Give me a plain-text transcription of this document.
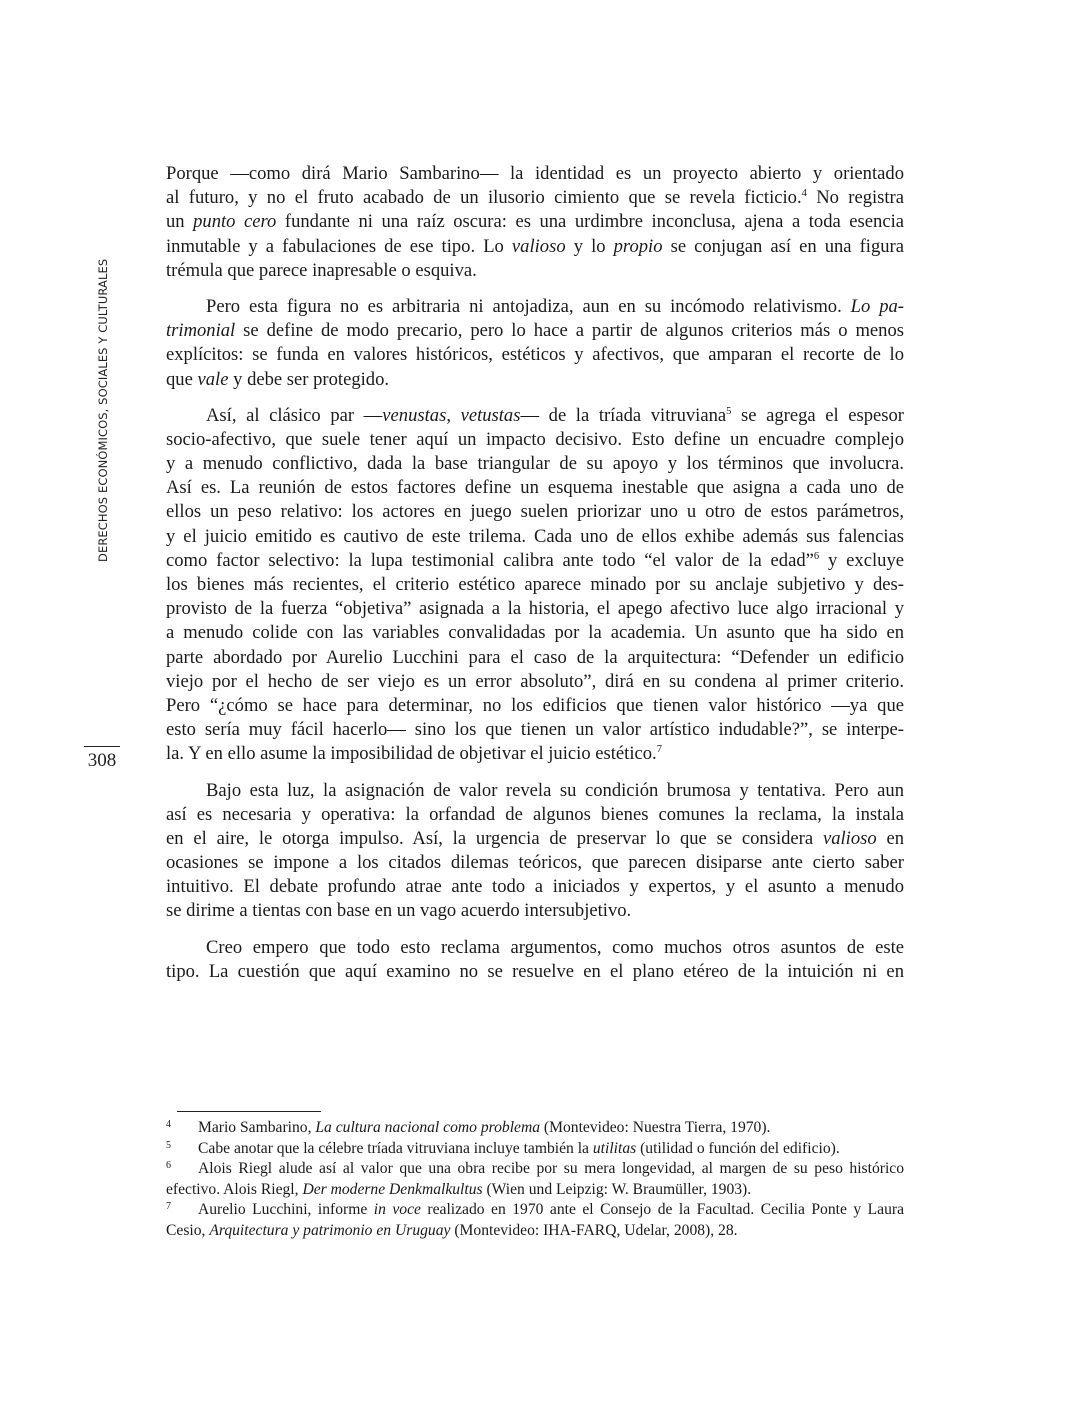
DERECHOS ECONÓMICOS, SOCIALES Y CULTURALES
308
Porque —como dirá Mario Sambarino— la identidad es un proyecto abierto y orientado
al futuro, y no el fruto acabado de un ilusorio cimiento que se revela ficticio.$^4$ No registra
un punto cero fundante ni una raíz oscura: es una urdimbre inconclusa, ajena a toda esencia
inmutable y a fabulaciones de ese tipo. Lo valioso y lo propio se conjugan así en una figura
trémula que parece inapresable o esquiva.
Pero esta figura no es arbitraria ni antojadiza, aun en su incómodo relativismo. Lo pa-
trimonial se define de modo precario, pero lo hace a partir de algunos criterios más o menos
explícitos: se funda en valores históricos, estéticos y afectivos, que amparan el recorte de lo
que vale y debe ser protegido.
Así, al clásico par —venustas, vetustas— de la tríada vitruviana$^5$ se agrega el espesor
socio-afectivo, que suele tener aquí un impacto decisivo. Esto define un encuadre complejo
y a menudo conflictivo, dada la base triangular de su apoyo y los términos que involucra.
Así es. La reunión de estos factores define un esquema inestable que asigna a cada uno de
ellos un peso relativo: los actores en juego suelen priorizar uno u otro de estos parámetros,
y el juicio emitido es cautivo de este trilema. Cada uno de ellos exhibe además sus falencias
como factor selectivo: la lupa testimonial calibra ante todo “el valor de la edad”$^6$ y excluye
los bienes más recientes, el criterio estético aparece minado por su anclaje subjetivo y des-
provisto de la fuerza “objetiva” asignada a la historia, el apego afectivo luce algo irracional y
a menudo colide con las variables convalidadas por la academia. Un asunto que ha sido en
parte abordado por Aurelio Lucchini para el caso de la arquitectura: “Defender un edificio
viejo por el hecho de ser viejo es un error absoluto”, dirá en su condena al primer criterio.
Pero “¿cómo se hace para determinar, no los edificios que tienen valor histórico —ya que
esto sería muy fácil hacerlo— sino los que tienen un valor artístico indudable?”, se interpe-
la. Y en ello asume la imposibilidad de objetivar el juicio estético.$^7$
Bajo esta luz, la asignación de valor revela su condición brumosa y tentativa. Pero aun
así es necesaria y operativa: la orfandad de algunos bienes comunes la reclama, la instala
en el aire, le otorga impulso. Así, la urgencia de preservar lo que se considera valioso en
ocasiones se impone a los citados dilemas teóricos, que parecen disiparse ante cierto saber
intuitivo. El debate profundo atrae ante todo a iniciados y expertos, y el asunto a menudo
se dirime a tientas con base en un vago acuerdo intersubjetivo.
Creo empero que todo esto reclama argumentos, como muchos otros asuntos de este
tipo. La cuestión que aquí examino no se resuelve en el plano etéreo de la intuición ni en
4 Mario Sambarino, La cultura nacional como problema (Montevideo: Nuestra Tierra, 1970).
5 Cabe anotar que la célebre tríada vitruviana incluye también la utilitas (utilidad o función del edificio).
6 Alois Riegl alude así al valor que una obra recibe por su mera longevidad, al margen de su peso histórico
efectivo. Alois Riegl, Der moderne Denkmalkultus (Wien und Leipzig: W. Braumüller, 1903).
7 Aurelio Lucchini, informe in voce realizado en 1970 ante el Consejo de la Facultad. Cecilia Ponte y Laura
Cesio, Arquitectura y patrimonio en Uruguay (Montevideo: IHA-FARQ, Udelar, 2008), 28.
